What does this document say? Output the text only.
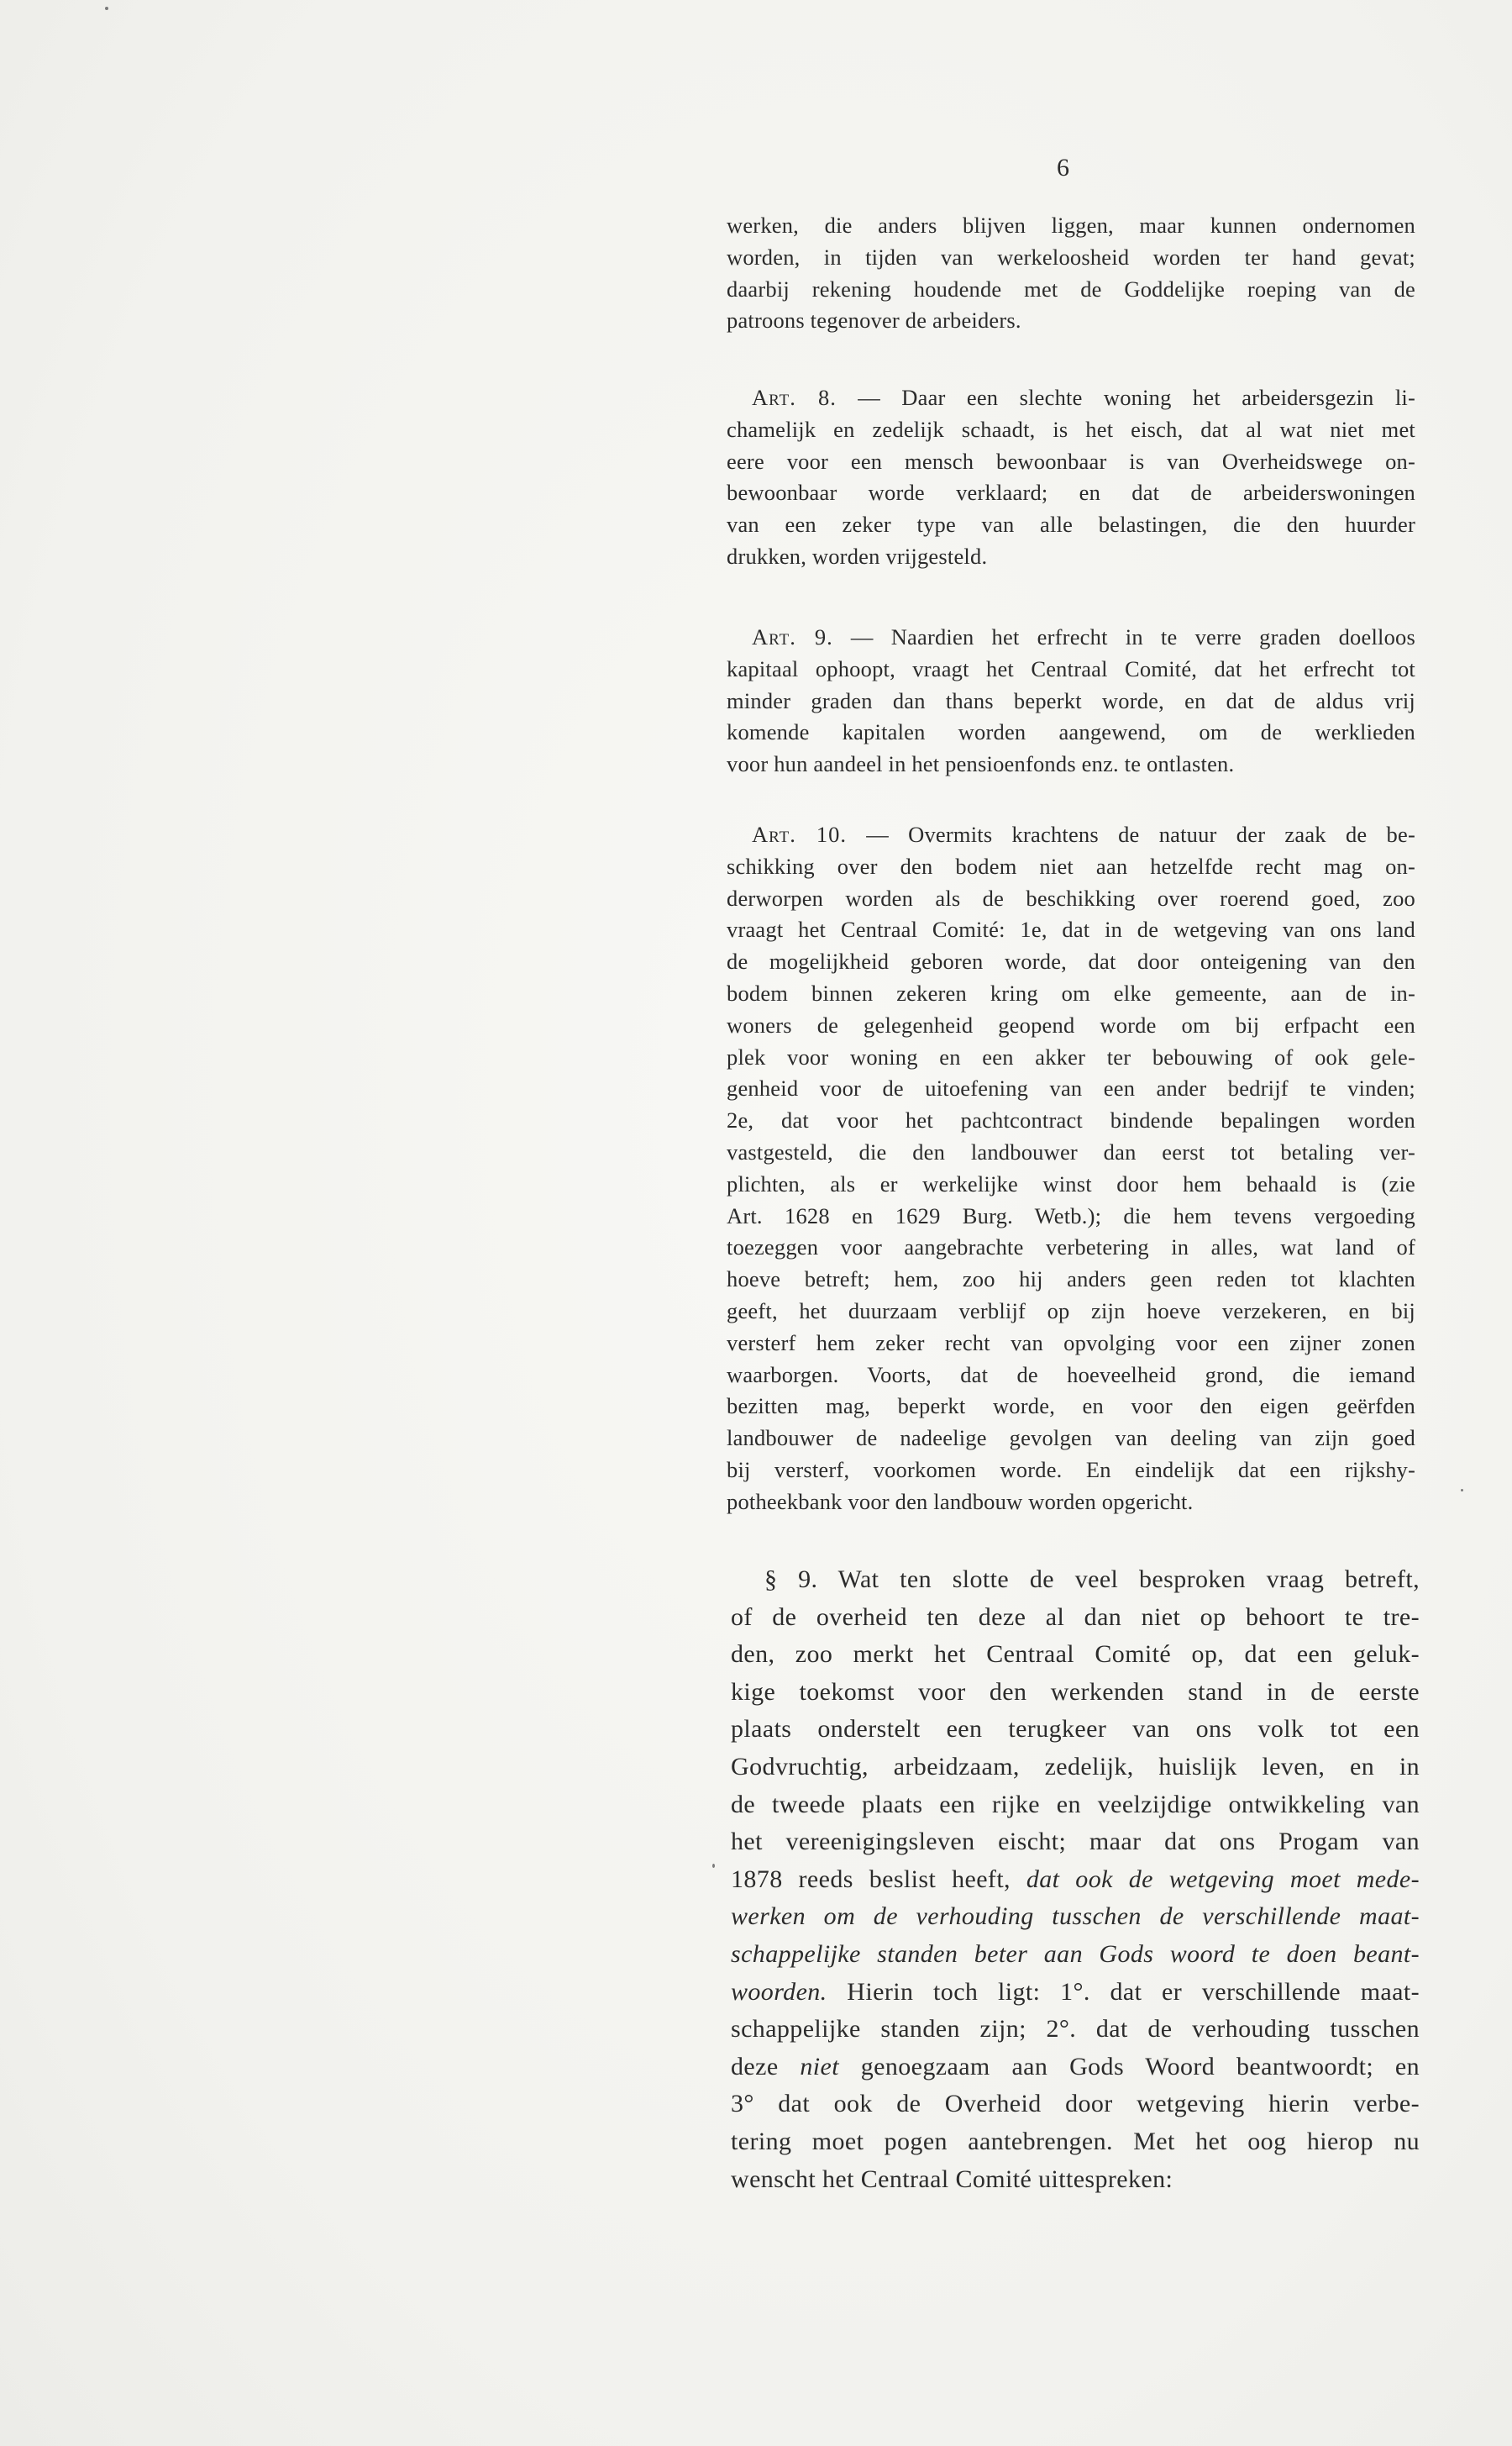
6
werken, die anders blijven liggen, maar kunnen ondernomen
worden, in tijden van werkeloosheid worden ter hand gevat;
daarbij rekening houdende met de Goddelijke roeping van de
patroons tegenover de arbeiders.
Art. 8. — Daar een slechte woning het arbeidersgezin li-
chamelijk en zedelijk schaadt, is het eisch, dat al wat niet met
eere voor een mensch bewoonbaar is van Overheidswege on-
bewoonbaar worde verklaard; en dat de arbeiderswoningen
van een zeker type van alle belastingen, die den huurder
drukken, worden vrijgesteld.
Art. 9. — Naardien het erfrecht in te verre graden doelloos
kapitaal ophoopt, vraagt het Centraal Comité, dat het erfrecht tot
minder graden dan thans beperkt worde, en dat de aldus vrij
komende kapitalen worden aangewend, om de werklieden
voor hun aandeel in het pensioenfonds enz. te ontlasten.
Art. 10. — Overmits krachtens de natuur der zaak de be-
schikking over den bodem niet aan hetzelfde recht mag on-
derworpen worden als de beschikking over roerend goed, zoo
vraagt het Centraal Comité: 1e, dat in de wetgeving van ons land
de mogelijkheid geboren worde, dat door onteigening van den
bodem binnen zekeren kring om elke gemeente, aan de in-
woners de gelegenheid geopend worde om bij erfpacht een
plek voor woning en een akker ter bebouwing of ook gele-
genheid voor de uitoefening van een ander bedrijf te vinden;
2e, dat voor het pachtcontract bindende bepalingen worden
vastgesteld, die den landbouwer dan eerst tot betaling ver-
plichten, als er werkelijke winst door hem behaald is (zie
Art. 1628 en 1629 Burg. Wetb.); die hem tevens vergoeding
toezeggen voor aangebrachte verbetering in alles, wat land of
hoeve betreft; hem, zoo hij anders geen reden tot klachten
geeft, het duurzaam verblijf op zijn hoeve verzekeren, en bij
versterf hem zeker recht van opvolging voor een zijner zonen
waarborgen. Voorts, dat de hoeveelheid grond, die iemand
bezitten mag, beperkt worde, en voor den eigen geërfden
landbouwer de nadeelige gevolgen van deeling van zijn goed
bij versterf, voorkomen worde. En eindelijk dat een rijkshy-
potheekbank voor den landbouw worden opgericht.
§ 9. Wat ten slotte de veel besproken vraag betreft,
of de overheid ten deze al dan niet op behoort te tre-
den, zoo merkt het Centraal Comité op, dat een geluk-
kige toekomst voor den werkenden stand in de eerste
plaats onderstelt een terugkeer van ons volk tot een
Godvruchtig, arbeidzaam, zedelijk, huislijk leven, en in
de tweede plaats een rijke en veelzijdige ontwikkeling van
het vereenigingsleven eischt; maar dat ons Progam van
1878 reeds beslist heeft, dat ook de wetgeving moet mede-
werken om de verhouding tusschen de verschillende maat-
schappelijke standen beter aan Gods woord te doen beant-
woorden. Hierin toch ligt: 1°. dat er verschillende maat-
schappelijke standen zijn; 2°. dat de verhouding tusschen
deze niet genoegzaam aan Gods Woord beantwoordt; en
3° dat ook de Overheid door wetgeving hierin verbe-
tering moet pogen aantebrengen. Met het oog hierop nu
wenscht het Centraal Comité uittespreken:
